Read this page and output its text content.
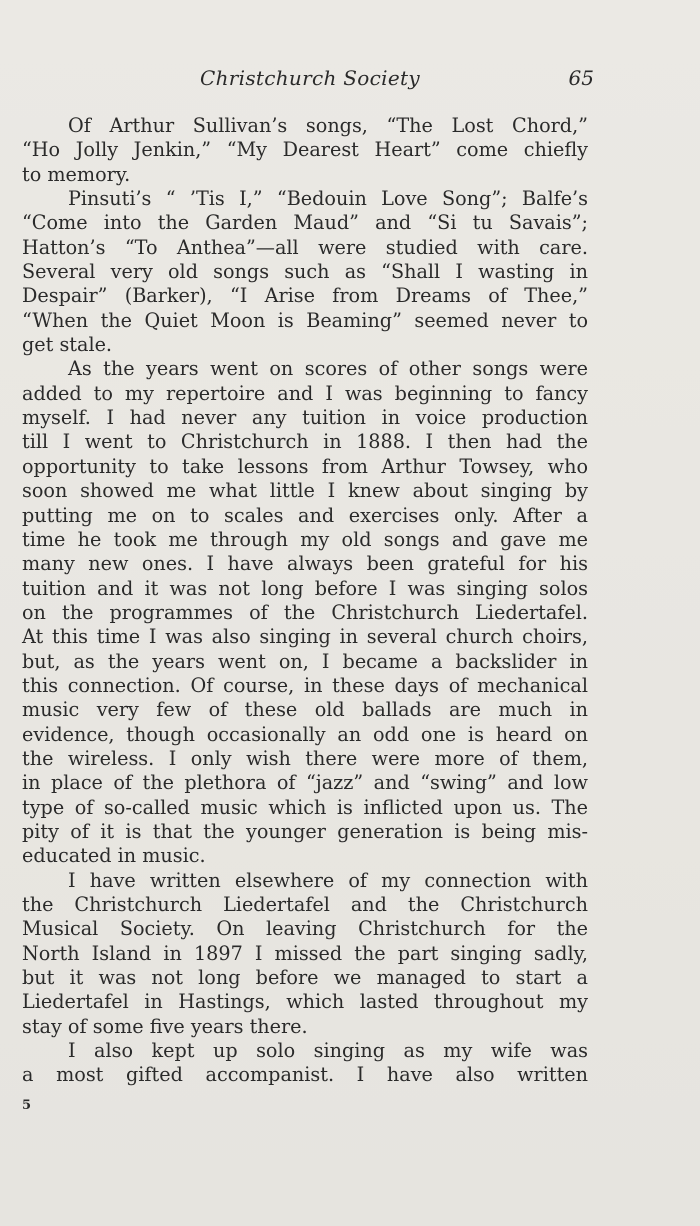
Christchurch Society	65
Of Arthur Sullivan’s songs, “The Lost Chord,”
“Ho Jolly Jenkin,” “My Dearest Heart” come chiefly
to memory.
Pinsuti’s “ ’Tis I,” “Bedouin Love Song”; Balfe’s
“Come into the Garden Maud” and “Si tu Savais”;
Hatton’s “To Anthea”—all were studied with care.
Several very old songs such as “Shall I wasting in
Despair” (Barker), “I Arise from Dreams of Thee,”
“When the Quiet Moon is Beaming” seemed never to
get stale.
As the years went on scores of other songs were
added to my repertoire and I was beginning to fancy
myself. I had never any tuition in voice production
till I went to Christchurch in 1888. I then had the
opportunity to take lessons from Arthur Towsey, who
soon showed me what little I knew about singing by
putting me on to scales and exercises only. After a
time he took me through my old songs and gave me
many new ones. I have always been grateful for his
tuition and it was not long before I was singing solos
on the programmes of the Christchurch Liedertafel.
At this time I was also singing in several church choirs,
but, as the years went on, I became a backslider in
this connection. Of course, in these days of mechanical
music very few of these old ballads are much in
evidence, though occasionally an odd one is heard on
the wireless. I only wish there were more of them,
in place of the plethora of “jazz” and “swing” and low
type of so-called music which is inflicted upon us. The
pity of it is that the younger generation is being mis-
educated in music.
I have written elsewhere of my connection with
the Christchurch Liedertafel and the Christchurch
Musical Society. On leaving Christchurch for the
North Island in 1897 I missed the part singing sadly,
but it was not long before we managed to start a
Liedertafel in Hastings, which lasted throughout my
stay of some five years there.
I also kept up solo singing as my wife was
a most gifted accompanist. I have also written
5
